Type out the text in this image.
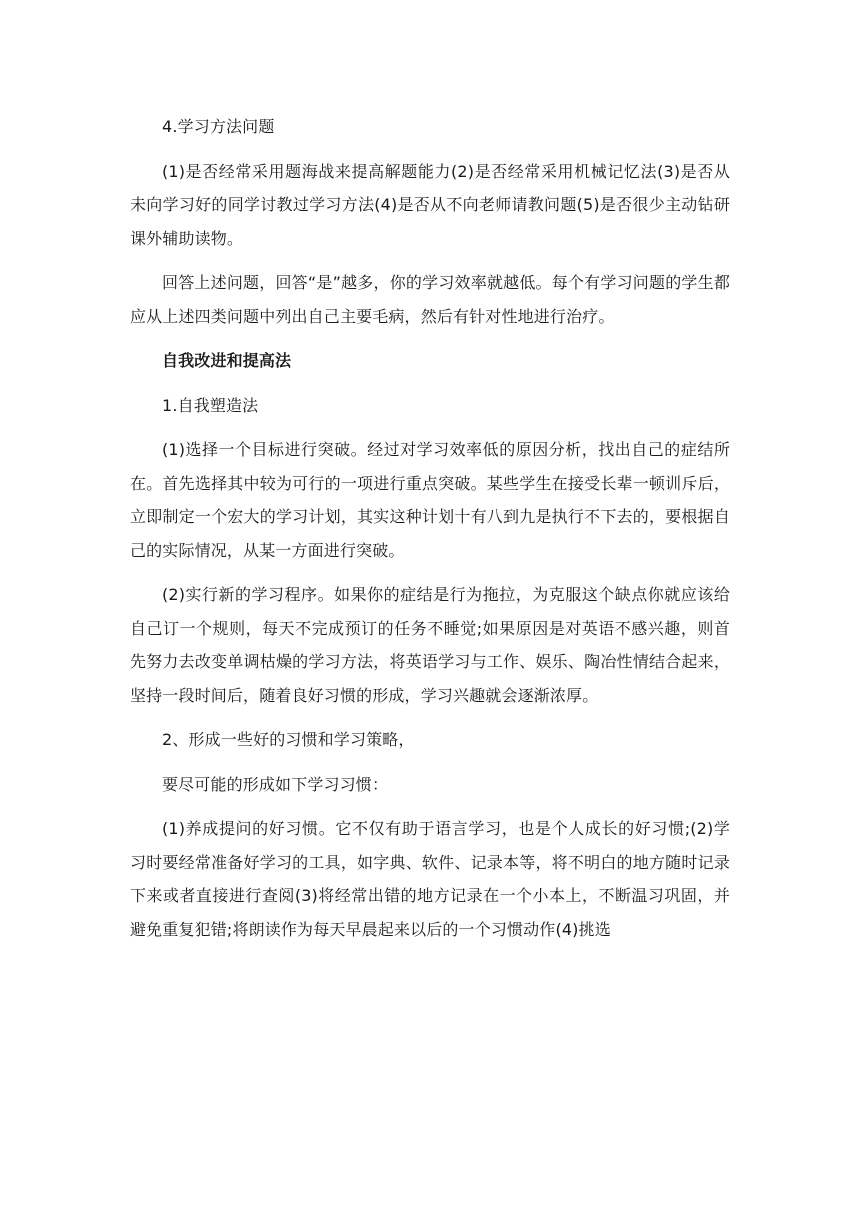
4.学习方法问题

(1)是否经常采用题海战来提高解题能力(2)是否经常采用机械记忆法(3)是否从未向学习好的同学讨教过学习方法(4)是否从不向老师请教问题(5)是否很少主动钻研课外辅助读物。

回答上述问题，回答“是”越多，你的学习效率就越低。每个有学习问题的学生都应从上述四类问题中列出自己主要毛病，然后有针对性地进行治疗。

自我改进和提高法

1.自我塑造法

(1)选择一个目标进行突破。经过对学习效率低的原因分析，找出自己的症结所在。首先选择其中较为可行的一项进行重点突破。某些学生在接受长辈一顿训斥后，立即制定一个宏大的学习计划，其实这种计划十有八到九是执行不下去的，要根据自己的实际情况，从某一方面进行突破。

(2)实行新的学习程序。如果你的症结是行为拖拉，为克服这个缺点你就应该给自己订一个规则，每天不完成预订的任务不睡觉;如果原因是对英语不感兴趣，则首先努力去改变单调枯燥的学习方法，将英语学习与工作、娱乐、陶冶性情结合起来，坚持一段时间后，随着良好习惯的形成，学习兴趣就会逐渐浓厚。

2、形成一些好的习惯和学习策略，

要尽可能的形成如下学习习惯：

(1)养成提问的好习惯。它不仅有助于语言学习，也是个人成长的好习惯;(2)学习时要经常准备好学习的工具，如字典、软件、记录本等，将不明白的地方随时记录下来或者直接进行查阅(3)将经常出错的地方记录在一个小本上，不断温习巩固，并避免重复犯错;将朗读作为每天早晨起来以后的一个习惯动作(4)挑选
